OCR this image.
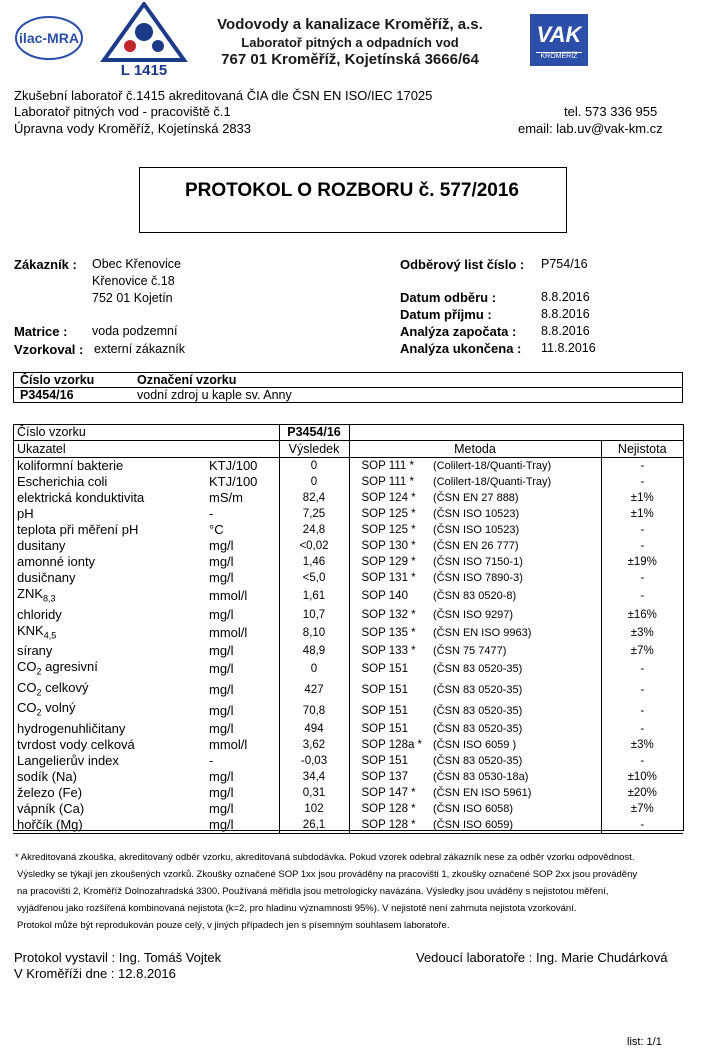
ilac-MRA
L 1415
Vodovody a kanalizace Kroměříž, a.s.
Laboratoř pitných a odpadních vod
767 01 Kroměříž, Kojetínská 3666/64
VAK
KROMĚŘÍŽ
Zkušební laboratoř č.1415 akreditovaná ČIA dle ČSN EN ISO/IEC 17025
Laboratoř pitných vod - pracoviště č.1
Úpravna vody Kroměříž, Kojetínská 2833
tel. 573 336 955
email: lab.uv@vak-km.cz
PROTOKOL O ROZBORU č. 577/2016
Zákazník : Obec Křenovice
Křenovice č.18
752 01 Kojetín
Matrice : voda podzemní
Vzorkoval : externí zákazník
Odběrový list číslo : P754/16
Datum odběru :	8.8.2016
Datum příjmu :	8.8.2016
Analýza započata : 8.8.2016
Analýza ukončena : 11.8.2016
Číslo vzorku	Označení vzorku
P3454/16	vodní zdroj u kaple sv. Anny
Číslo vzorku		P3454/16			
Ukazatel		Výsledek	Metoda		Nejistota
koliformní bakterie	KTJ/100	0	SOP 111 *	(Colilert-18/Quanti-Tray)	-
Escherichia coli	KTJ/100	0	SOP 111 *	(Colilert-18/Quanti-Tray)	-
elektrická konduktivita	mS/m	82,4	SOP 124 *	(ČSN EN 27 888)	±1%
pH	-	7,25	SOP 125 *	(ČSN ISO 10523)	±1%
teplota při měření pH	°C	24,8	SOP 125 *	(ČSN ISO 10523)	-
dusitany	mg/l	<0,02	SOP 130 *	(ČSN EN 26 777)	-
amonné ionty	mg/l	1,46	SOP 129 *	(ČSN ISO 7150-1)	±19%
dusičnany	mg/l	<5,0	SOP 131 *	(ČSN ISO 7890-3)	-
$ZNK_{8,3}$	mmol/l	1,61	SOP 140	(ČSN 83 0520-8)	-
chloridy	mg/l	10,7	SOP 132 *	(ČSN ISO 9297)	±16%
$KNK_{4,5}$	mmol/l	8,10	SOP 135 *	(ČSN EN ISO 9963)	±3%
sírany	mg/l	48,9	SOP 133 *	(ČSN 75 7477)	±7%
$CO_2$ agresivní	mg/l	0	SOP 151	(ČSN 83 0520-35)	-
$CO_2$ celkový	mg/l	427	SOP 151	(ČSN 83 0520-35)	-
$CO_2$ volný	mg/l	70,8	SOP 151	(ČSN 83 0520-35)	-
hydrogenuhličitany	mg/l	494	SOP 151	(ČSN 83 0520-35)	-
tvrdost vody celková	mmol/l	3,62	SOP 128a *	(ČSN ISO 6059 )	±3%
Langelierův index	-	-0,03	SOP 151	(ČSN 83 0520-35)	-
sodík (Na)	mg/l	34,4	SOP 137	(ČSN 83 0530-18a)	±10%
železo (Fe)	mg/l	0,31	SOP 147 *	(ČSN EN ISO 5961)	±20%
vápník (Ca)	mg/l	102	SOP 128 *	(ČSN ISO 6058)	±7%
hořčík (Mg)	mg/l	26,1	SOP 128 *	(ČSN ISO 6059)	-
* Akreditovaná zkouška, akreditovaný odběr vzorku, akreditovaná subdodávka. Pokud vzorek odebral zákazník nese za odběr vzorku odpovědnost.
Výsledky se týkají jen zkoušených vzorků. Zkoušky označené SOP 1xx jsou prováděny na pracovišti 1, zkoušky označené SOP 2xx jsou prováděny
na pracovišti 2, Kroměříž Dolnozahradská 3300. Používaná měřidla jsou metrologicky navázána. Výsledky jsou uváděny s nejistotou měření,
vyjádřenou jako rozšířená kombinovaná nejistota (k=2, pro hladinu významnosti 95%). V nejistotě není zahrnuta nejistota vzorkování.
Protokol může být reprodukován pouze celý, v jiných případech jen s písemným souhlasem laboratoře.
Protokol vystavil : Ing. Tomáš Vojtek
V Kroměříži dne : 12.8.2016
Vedoucí laboratoře : Ing. Marie Chudárková
list: 1/1
